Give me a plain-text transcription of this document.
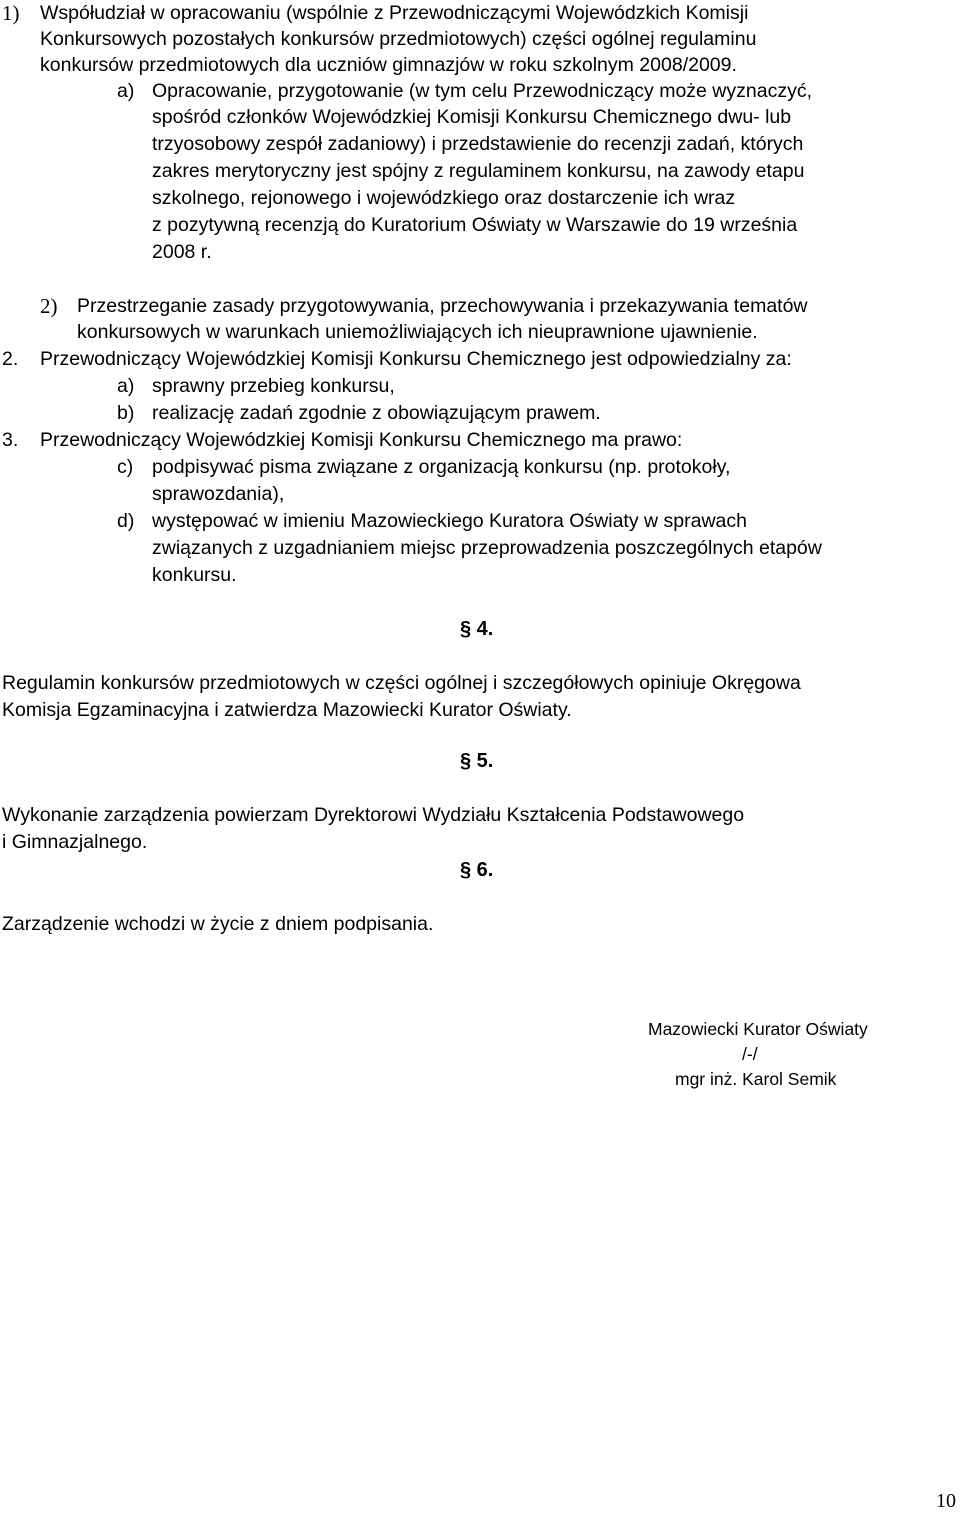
1) Współudział w opracowaniu (wspólnie z Przewodniczącymi Wojewódzkich Komisji
Konkursowych pozostałych konkursów przedmiotowych) części ogólnej regulaminu
konkursów przedmiotowych dla uczniów gimnazjów w roku szkolnym 2008/2009.
a) Opracowanie, przygotowanie (w tym celu Przewodniczący może wyznaczyć,
spośród członków Wojewódzkiej Komisji Konkursu Chemicznego dwu- lub
trzyosobowy zespół zadaniowy) i przedstawienie do recenzji zadań, których
zakres merytoryczny jest spójny z regulaminem konkursu, na zawody etapu
szkolnego, rejonowego i wojewódzkiego oraz dostarczenie ich wraz
z pozytywną recenzją do Kuratorium Oświaty w Warszawie do 19 września
2008 r.
2) Przestrzeganie zasady przygotowywania, przechowywania i przekazywania tematów
konkursowych w warunkach uniemożliwiających ich nieuprawnione ujawnienie.
2. Przewodniczący Wojewódzkiej Komisji Konkursu Chemicznego jest odpowiedzialny za:
a) sprawny przebieg konkursu,
b) realizację zadań zgodnie z obowiązującym prawem.
3. Przewodniczący Wojewódzkiej Komisji Konkursu Chemicznego ma prawo:
c) podpisywać pisma związane z organizacją konkursu (np. protokoły,
sprawozdania),
d) występować w imieniu Mazowieckiego Kuratora Oświaty w sprawach
związanych z uzgadnianiem miejsc przeprowadzenia poszczególnych etapów
konkursu.
§ 4.
Regulamin konkursów przedmiotowych w części ogólnej i szczegółowych opiniuje Okręgowa
Komisja Egzaminacyjna i zatwierdza Mazowiecki Kurator Oświaty.
§ 5.
Wykonanie zarządzenia powierzam Dyrektorowi Wydziału Kształcenia Podstawowego
i Gimnazjalnego.
§ 6.
Zarządzenie wchodzi w życie z dniem podpisania.
Mazowiecki Kurator Oświaty
/-/
mgr inż. Karol Semik
10
